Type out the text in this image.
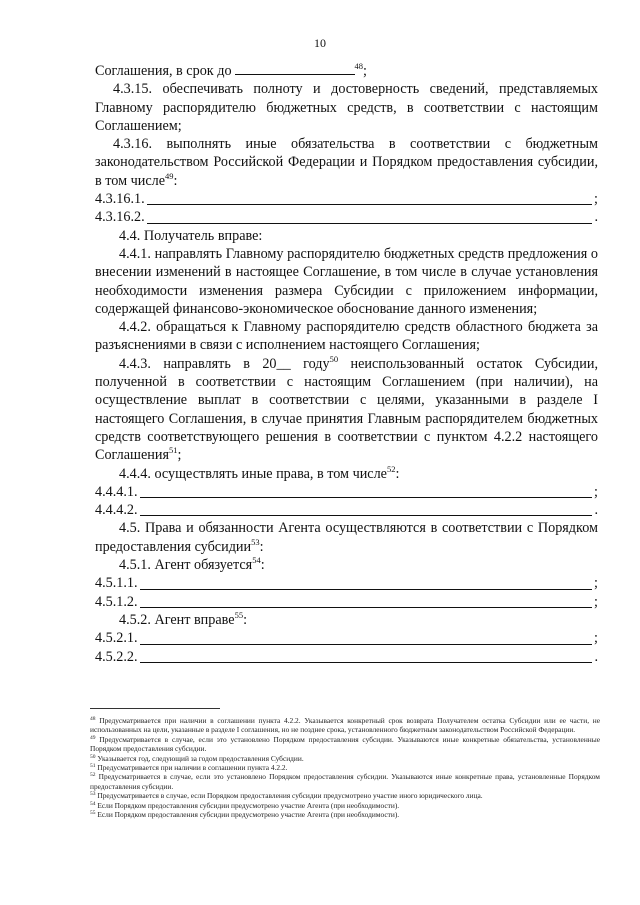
10

Соглашения, в срок до	$^{48}$;

4.3.15. обеспечивать полноту и достоверность сведений, представляемых Главному распорядителю бюджетных средств, в соответствии с настоящим Соглашением;

4.3.16. выполнять иные обязательства в соответствии с бюджетным законодательством Российской Федерации и Порядком предоставления субсидии, в том числе$^{49}$:

4.3.16.1.	;
4.3.16.2.	.

4.4. Получатель вправе:

4.4.1. направлять Главному распорядителю бюджетных средств предложения о внесении изменений в настоящее Соглашение, в том числе в случае установления необходимости изменения размера Субсидии с приложением информации, содержащей финансово-экономическое обоснование данного изменения;

4.4.2. обращаться к Главному распорядителю средств областного бюджета за разъяснениями в связи с исполнением настоящего Соглашения;

4.4.3. направлять в 20__ году$^{50}$ неиспользованный остаток Субсидии, полученной в соответствии с настоящим Соглашением (при наличии), на осуществление выплат в соответствии с целями, указанными в разделе I настоящего Соглашения, в случае принятия Главным распорядителем бюджетных средств соответствующего решения в соответствии с пунктом 4.2.2 настоящего Соглашения$^{51}$;

4.4.4. осуществлять иные права, в том числе$^{52}$:

4.4.4.1.	;
4.4.4.2.	.

4.5. Права и обязанности Агента осуществляются в соответствии с Порядком предоставления субсидии$^{53}$:

4.5.1. Агент обязуется$^{54}$:

4.5.1.1.	;
4.5.1.2.	;

4.5.2. Агент вправе$^{55}$:

4.5.2.1.	;
4.5.2.2.	.

$^{48}$ Предусматривается при наличии в соглашении пункта 4.2.2. Указывается конкретный срок возврата Получателем остатка Субсидии или ее части, не использованных на цели, указанные в разделе I соглашения, но не позднее срока, установленного бюджетным законодательством Российской Федерации.

$^{49}$ Предусматривается в случае, если это установлено Порядком предоставления субсидии. Указываются иные конкретные обязательства, установленные Порядком предоставления субсидии.

$^{50}$ Указывается год, следующий за годом предоставления Субсидии.

$^{51}$ Предусматривается при наличии в соглашении пункта 4.2.2.

$^{52}$ Предусматривается в случае, если это установлено Порядком предоставления субсидии. Указываются иные конкретные права, установленные Порядком предоставления субсидии.

$^{53}$ Предусматривается в случае, если Порядком предоставления субсидии предусмотрено участие иного юридического лица.

$^{54}$ Если Порядком предоставления субсидии предусмотрено участие Агента (при необходимости).

$^{55}$ Если Порядком предоставления субсидии предусмотрено участие Агента (при необходимости).
